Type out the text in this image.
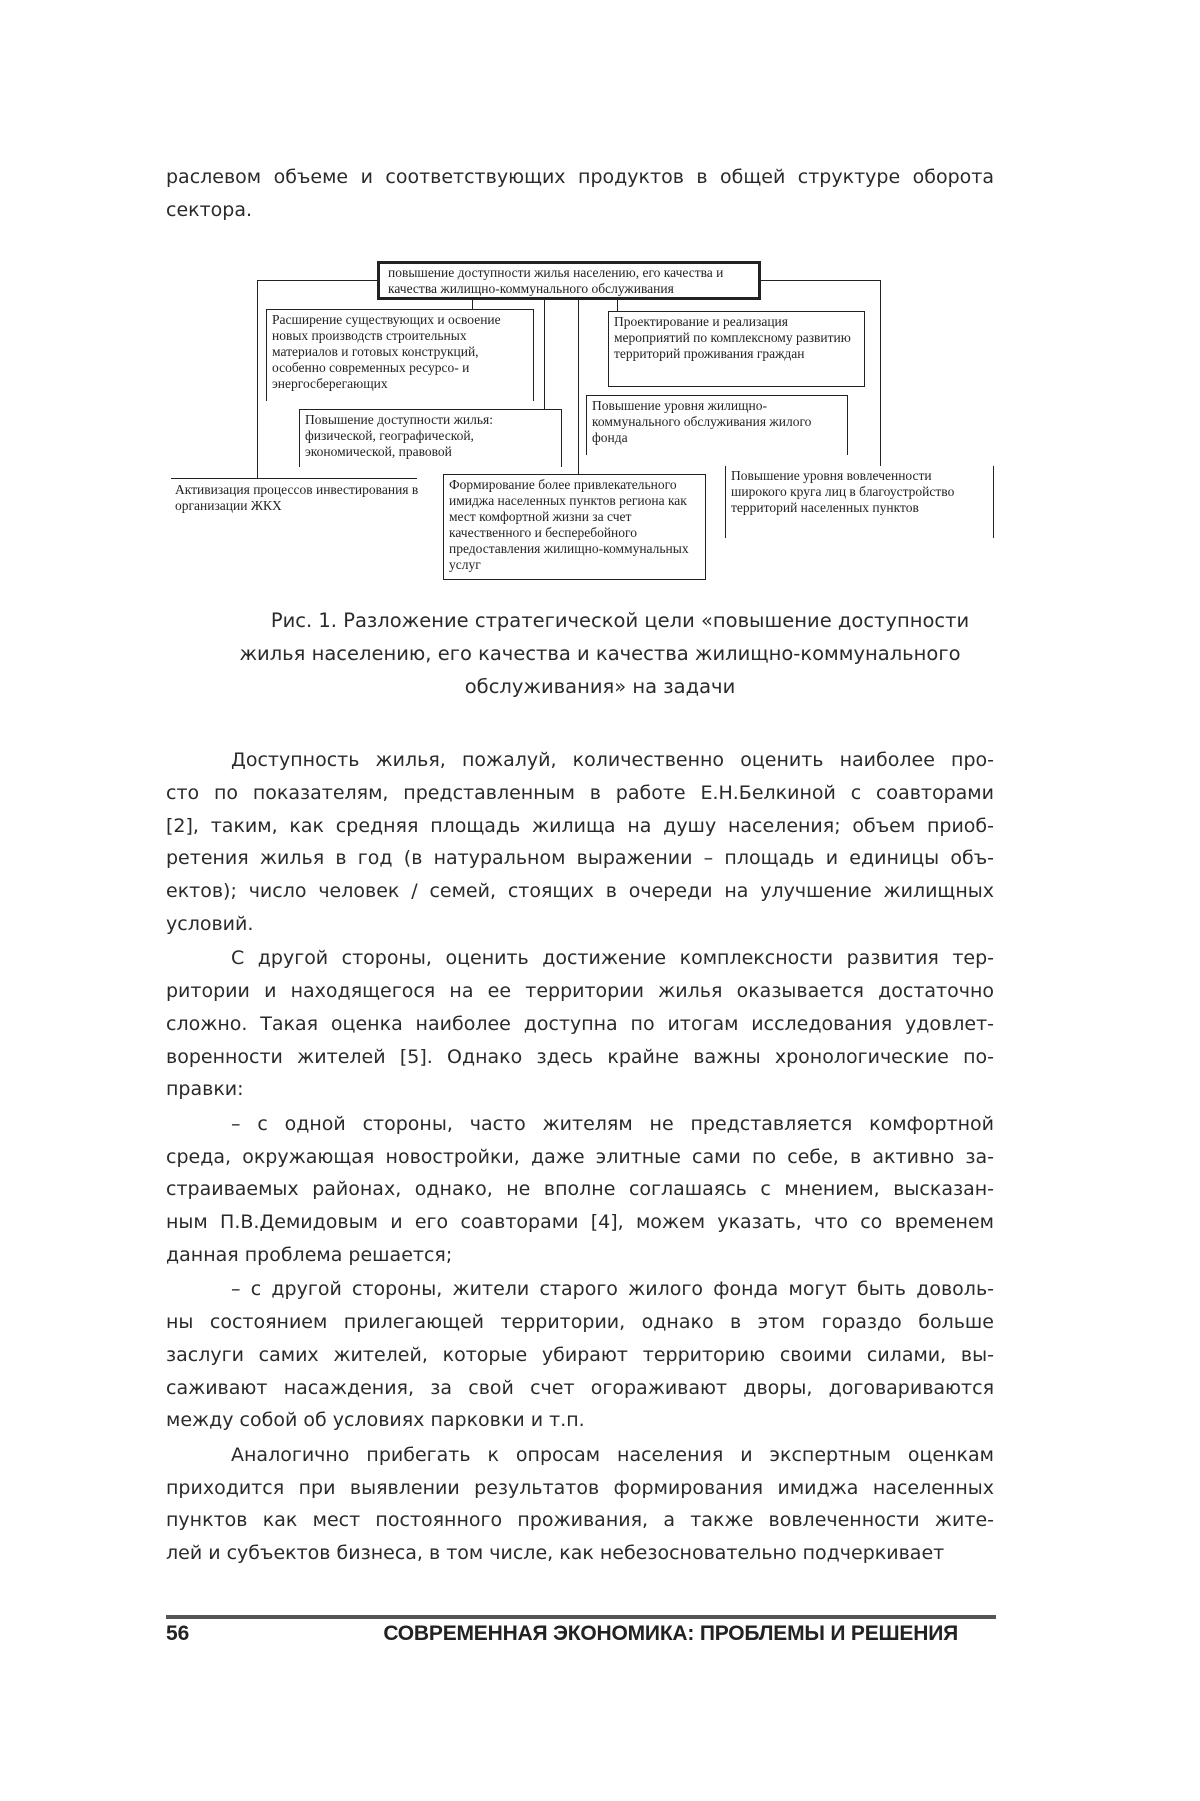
раслевом объеме и соответствующих продуктов в общей структуре оборота
сектора.
повышение доступности жилья населению, его качества и качества жилищно-коммунального обслуживания
Расширение существующих и освоение новых производств строительных материалов и готовых конструкций, особенно современных ресурсо- и энергосберегающих
Проектирование и реализация мероприятий по комплексному развитию территорий проживания граждан
Повышение доступности жилья: физической, географической, экономической, правовой
Повышение уровня жилищно-коммунального обслуживания жилого фонда
Активизация процессов инвестирования в организации ЖКХ
Формирование более привлекательного имиджа населенных пунктов региона как мест комфортной жизни за счет качественного и бесперебойного предоставления жилищно-коммунальных услуг
Повышение уровня вовлеченности широкого круга лиц в благоустройство территорий населенных пунктов
Рис. 1. Разложение стратегической цели «повышение доступности
жилья населению, его качества и качества жилищно-коммунального
обслуживания» на задачи
Доступность жилья, пожалуй, количественно оценить наиболее про-
сто по показателям, представленным в работе Е.Н.Белкиной с соавторами
[2], таким, как средняя площадь жилища на душу населения; объем приоб-
ретения жилья в год (в натуральном выражении – площадь и единицы объ-
ектов); число человек / семей, стоящих в очереди на улучшение жилищных
условий.
С другой стороны, оценить достижение комплексности развития тер-
ритории и находящегося на ее территории жилья оказывается достаточно
сложно. Такая оценка наиболее доступна по итогам исследования удовлет-
воренности жителей [5]. Однако здесь крайне важны хронологические по-
правки:
– с одной стороны, часто жителям не представляется комфортной
среда, окружающая новостройки, даже элитные сами по себе, в активно за-
страиваемых районах, однако, не вполне соглашаясь с мнением, высказан-
ным П.В.Демидовым и его соавторами [4], можем указать, что со временем
данная проблема решается;
– с другой стороны, жители старого жилого фонда могут быть доволь-
ны состоянием прилегающей территории, однако в этом гораздо больше
заслуги самих жителей, которые убирают территорию своими силами, вы-
саживают насаждения, за свой счет огораживают дворы, договариваются
между собой об условиях парковки и т.п.
Аналогично прибегать к опросам населения и экспертным оценкам
приходится при выявлении результатов формирования имиджа населенных
пунктов как мест постоянного проживания, а также вовлеченности жите-
лей и субъектов бизнеса, в том числе, как небезосновательно подчеркивает
56	СОВРЕМЕННАЯ ЭКОНОМИКА: ПРОБЛЕМЫ И РЕШЕНИЯ
